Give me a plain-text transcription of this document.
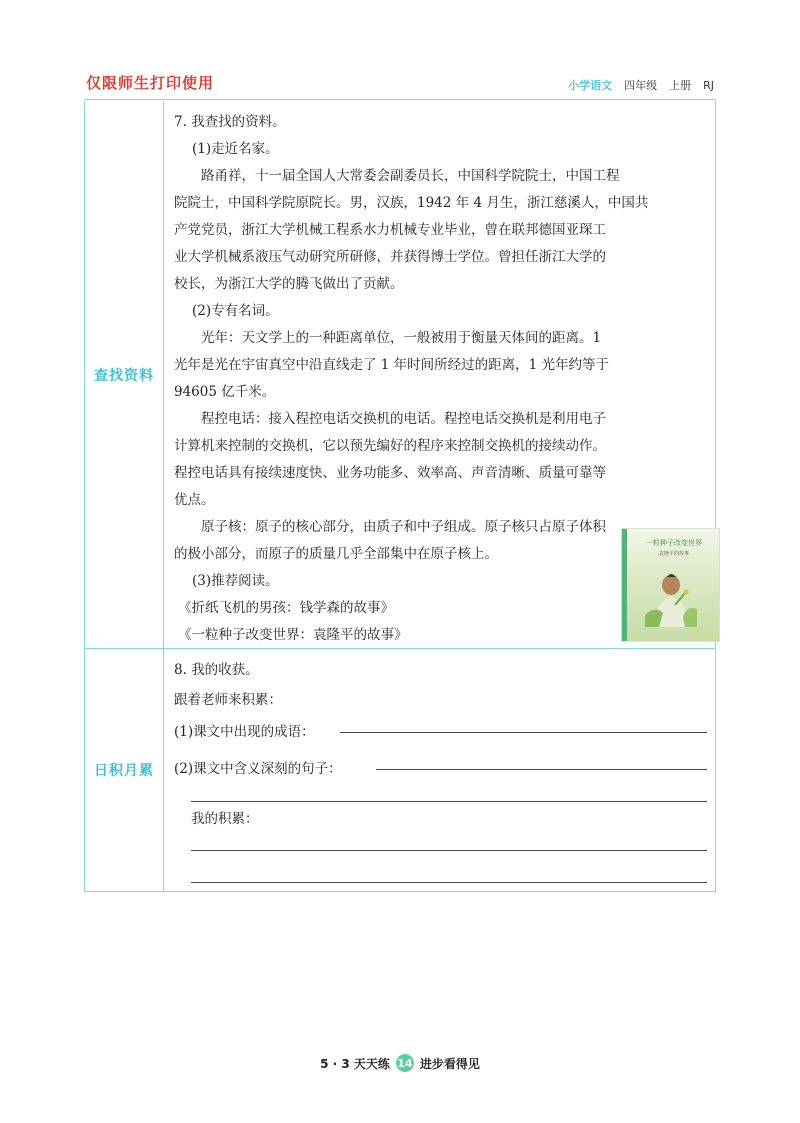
仅限师生打印使用	小学语文 四年级 上册 RJ
查找资料

7. 我查找的资料。

(1)走近名家。

路甬祥，十一届全国人大常委会副委员长，中国科学院院士，中国工程

院院士，中国科学院原院长。男，汉族，1942 年 4 月生，浙江慈溪人，中国共

产党党员，浙江大学机械工程系水力机械专业毕业，曾在联邦德国亚琛工

业大学机械系液压气动研究所研修，并获得博士学位。曾担任浙江大学的

校长，为浙江大学的腾飞做出了贡献。

(2)专有名词。

光年：天文学上的一种距离单位，一般被用于衡量天体间的距离。1

光年是光在宇宙真空中沿直线走了 1 年时间所经过的距离，1 光年约等于

94605 亿千米。

程控电话：接入程控电话交换机的电话。程控电话交换机是利用电子

计算机来控制的交换机，它以预先编好的程序来控制交换机的接续动作。

程控电话具有接续速度快、业务功能多、效率高、声音清晰、质量可靠等

优点。

原子核：原子的核心部分，由质子和中子组成。原子核只占原子体积

的极小部分，而原子的质量几乎全部集中在原子核上。

(3)推荐阅读。

《折纸飞机的男孩：钱学森的故事》

《一粒种子改变世界：袁隆平的故事》

一粒种子改变世界
袁隆平的故事
日积月累

8. 我的收获。

跟着老师来积累：

(1)课文中出现的成语：

(2)课文中含义深刻的句子：

我的积累：

5 · 3 天天练 14 进步看得见
